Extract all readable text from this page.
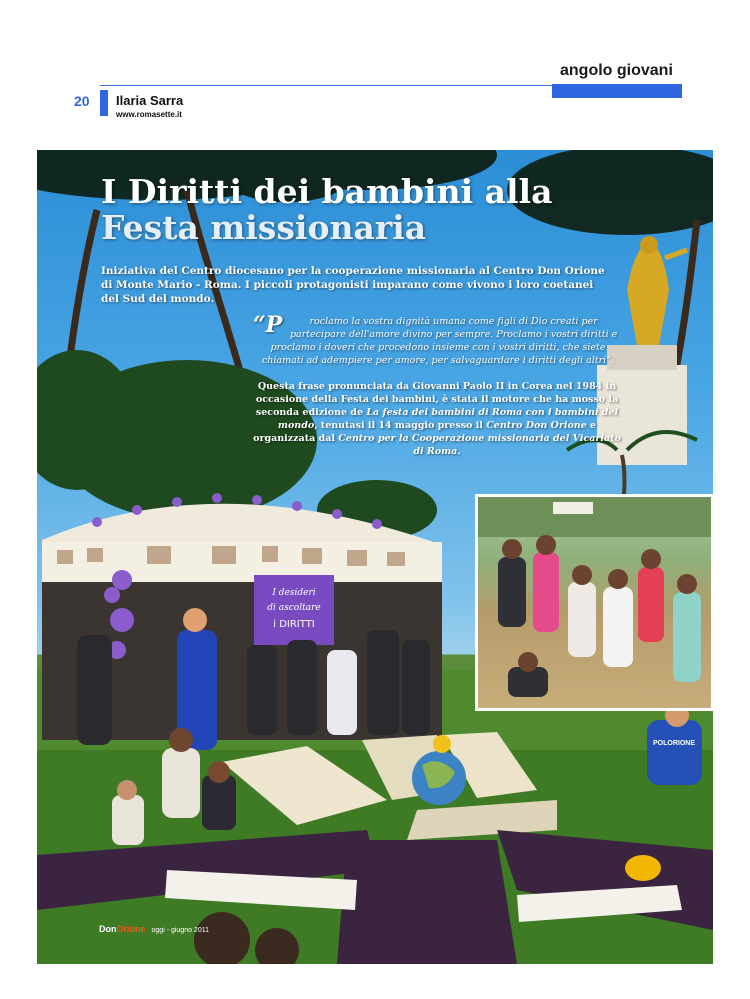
angolo giovani
20 Ilaria Sarra
www.romasette.it
I desideri
di ascoltare
i DIRITTI
POLORIONE
I Diritti dei bambini alla
Festa missionaria
Iniziativa del Centro diocesano per la cooperazione missionaria al Centro Don Orione di Monte Mario - Roma. I piccoli protagonisti imparano come vivono i loro coetanei del Sud del mondo.
“P	roclamo la vostra dignità umana come figli di Dio creati per partecipare dell'amore divino per sempre. Proclamo i vostri diritti e proclamo i doveri che procedono insieme con i vostri diritti, che siete chiamati ad adempiere per amore, per salvaguardare i diritti degli altri”.
Questa frase pronunciata da Giovanni Paolo II in Corea nel 1984 in occasione della Festa dei bambini, è stata il motore che ha mosso la seconda edizione de La festa dei bambini di Roma con i bambini del mondo, tenutasi il 14 maggio presso il Centro Don Orione e organizzata dal Centro per la Cooperazione missionaria del Vicariato di Roma.
DonOrione oggi - giugno 2011
